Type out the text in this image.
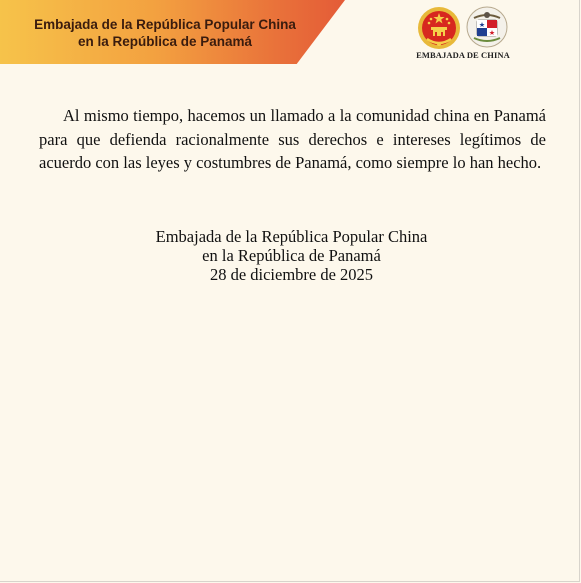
Embajada de la República Popular China
en la República de Panamá
EMBAJADA DE CHINA

Al mismo tiempo, hacemos un llamado a la comunidad china en Panamá para que defienda racionalmente sus derechos e intereses legítimos de acuerdo con las leyes y costumbres de Panamá, como siempre lo han hecho.

Embajada de la República Popular China
en la República de Panamá
28 de diciembre de 2025
